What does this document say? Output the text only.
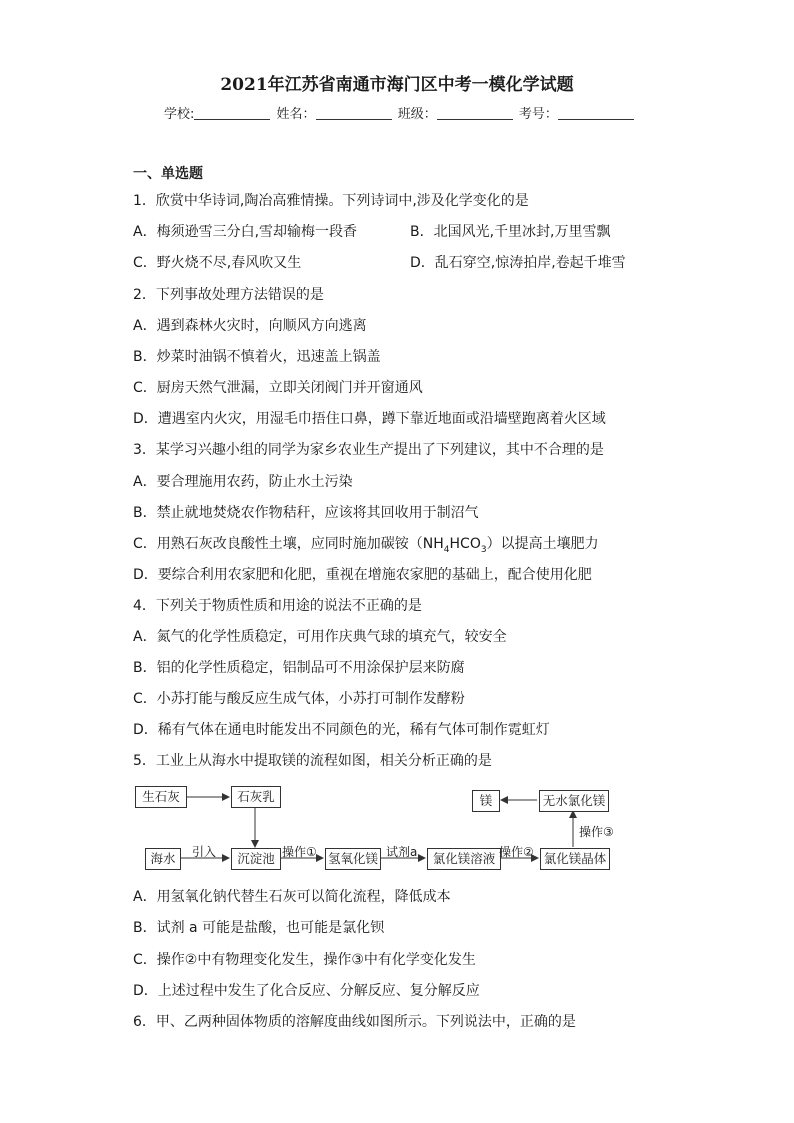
2021年江苏省南通市海门区中考一模化学试题
学校:	姓名：	班级：	考号：
一、单选题
1．欣赏中华诗词,陶冶高雅情操。下列诗词中,涉及化学变化的是
A．梅须逊雪三分白,雪却输梅一段香	B．北国风光,千里冰封,万里雪飘
C．野火烧不尽,春风吹又生	D．乱石穿空,惊涛拍岸,卷起千堆雪
2．下列事故处理方法错误的是
A．遇到森林火灾时，向顺风方向逃离
B．炒菜时油锅不慎着火，迅速盖上锅盖
C．厨房天然气泄漏，立即关闭阀门并开窗通风
D．遭遇室内火灾，用湿毛巾捂住口鼻，蹲下靠近地面或沿墙壁跑离着火区域
3．某学习兴趣小组的同学为家乡农业生产提出了下列建议，其中不合理的是
A．要合理施用农药，防止水土污染
B．禁止就地焚烧农作物秸秆，应该将其回收用于制沼气
C．用熟石灰改良酸性土壤，应同时施加碳铵$(NH_4HCO_3)$以提高土壤肥力
D．要综合利用农家肥和化肥，重视在增施农家肥的基础上，配合使用化肥
4．下列关于物质性质和用途的说法不正确的是
A．氮气的化学性质稳定，可用作庆典气球的填充气，较安全
B．铝的化学性质稳定，铝制品可不用涂保护层来防腐
C．小苏打能与酸反应生成气体，小苏打可制作发酵粉
D．稀有气体在通电时能发出不同颜色的光，稀有气体可制作霓虹灯
5．工业上从海水中提取镁的流程如图，相关分析正确的是
生石灰	石灰乳
海水	沉淀池	氢氧化镁	氯化镁溶液	氯化镁晶体
无水氯化镁
镁
引入	操作①	试剂a	操作②
操作③
A．用氢氧化钠代替生石灰可以简化流程，降低成本
B．试剂 a 可能是盐酸，也可能是氯化钡
C．操作②中有物理变化发生，操作③中有化学变化发生
D．上述过程中发生了化合反应、分解反应、复分解反应
6．甲、乙两种固体物质的溶解度曲线如图所示。下列说法中，正确的是
